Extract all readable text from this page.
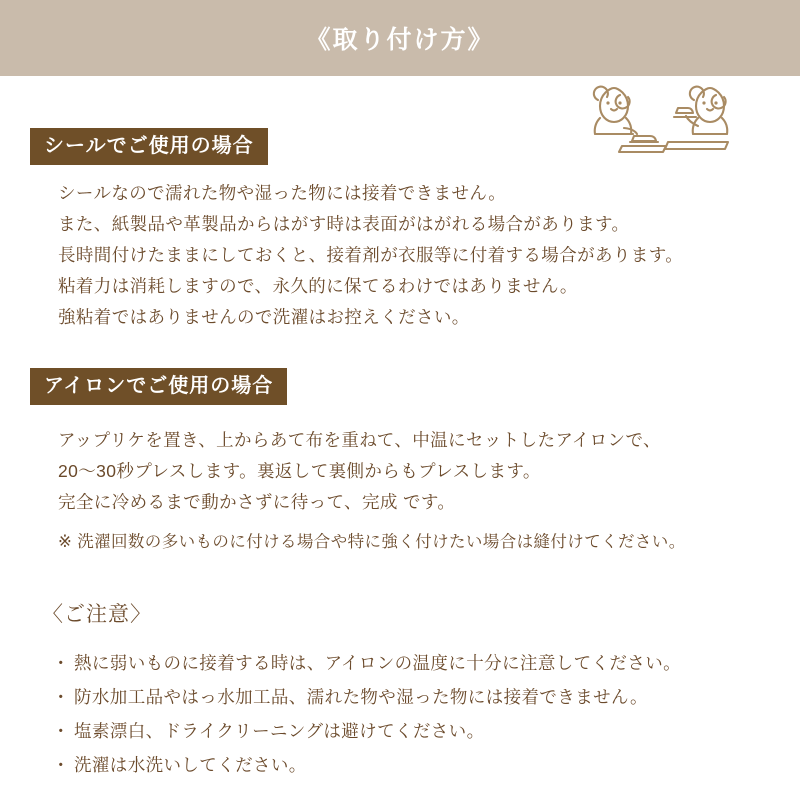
《取り付け方》
シールでご使用の場合

シールなので濡れた物や湿った物には接着できません。

また、紙製品や革製品からはがす時は表面がはがれる場合があります。

長時間付けたままにしておくと、接着剤が衣服等に付着する場合があります。

粘着力は消耗しますので、永久的に保てるわけではありません。

強粘着ではありませんので洗濯はお控えください。

アイロンでご使用の場合

アップリケを置き、上からあて布を重ねて、中温にセットしたアイロンで、

20〜30秒プレスします。裏返して裏側からもプレスします。

完全に冷めるまで動かさずに待って、完成 です。

※ 洗濯回数の多いものに付ける場合や特に強く付けたい場合は縫付けてください。

〈ご注意〉
・ 熱に弱いものに接着する時は、アイロンの温度に十分に注意してください。
・ 防水加工品やはっ水加工品、濡れた物や湿った物には接着できません。
・ 塩素漂白、ドライクリーニングは避けてください。
・ 洗濯は水洗いしてください。
